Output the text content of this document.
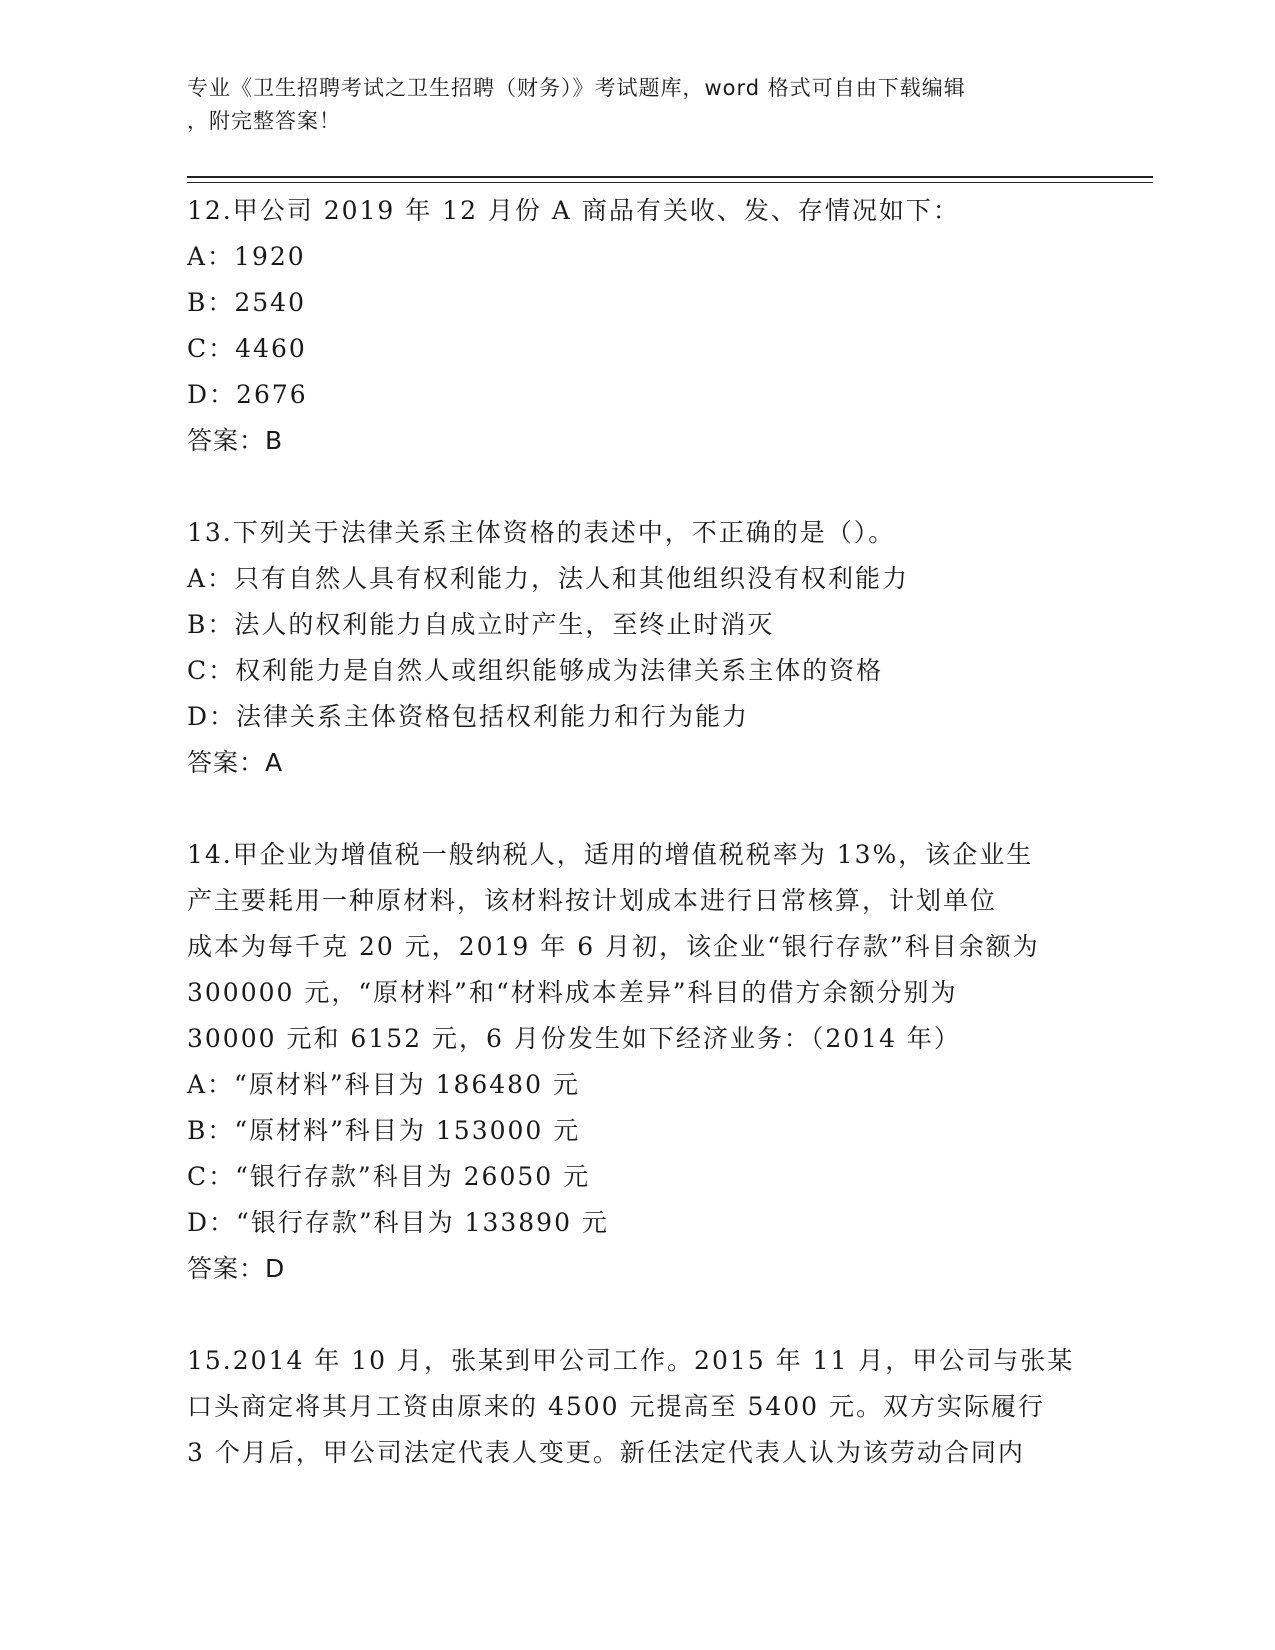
专业《卫生招聘考试之卫生招聘（财务）》考试题库，word 格式可自由下载编辑
，附完整答案！
12.甲公司 2019 年 12 月份 A 商品有关收、发、存情况如下：
A：1920
B：2540
C：4460
D：2676
答案：B
13.下列关于法律关系主体资格的表述中，不正确的是（）。
A：只有自然人具有权利能力，法人和其他组织没有权利能力
B：法人的权利能力自成立时产生，至终止时消灭
C：权利能力是自然人或组织能够成为法律关系主体的资格
D：法律关系主体资格包括权利能力和行为能力
答案：A
14.甲企业为增值税一般纳税人，适用的增值税税率为 13%，该企业生
产主要耗用一种原材料，该材料按计划成本进行日常核算，计划单位
成本为每千克 20 元，2019 年 6 月初，该企业“银行存款”科目余额为
300000 元，“原材料”和“材料成本差异”科目的借方余额分别为
30000 元和 6152 元，6 月份发生如下经济业务：（2014 年）
A：“原材料”科目为 186480 元
B：“原材料”科目为 153000 元
C：“银行存款”科目为 26050 元
D：“银行存款”科目为 133890 元
答案：D
15.2014 年 10 月，张某到甲公司工作。2015 年 11 月，甲公司与张某
口头商定将其月工资由原来的 4500 元提高至 5400 元。双方实际履行
3 个月后，甲公司法定代表人变更。新任法定代表人认为该劳动合同内
